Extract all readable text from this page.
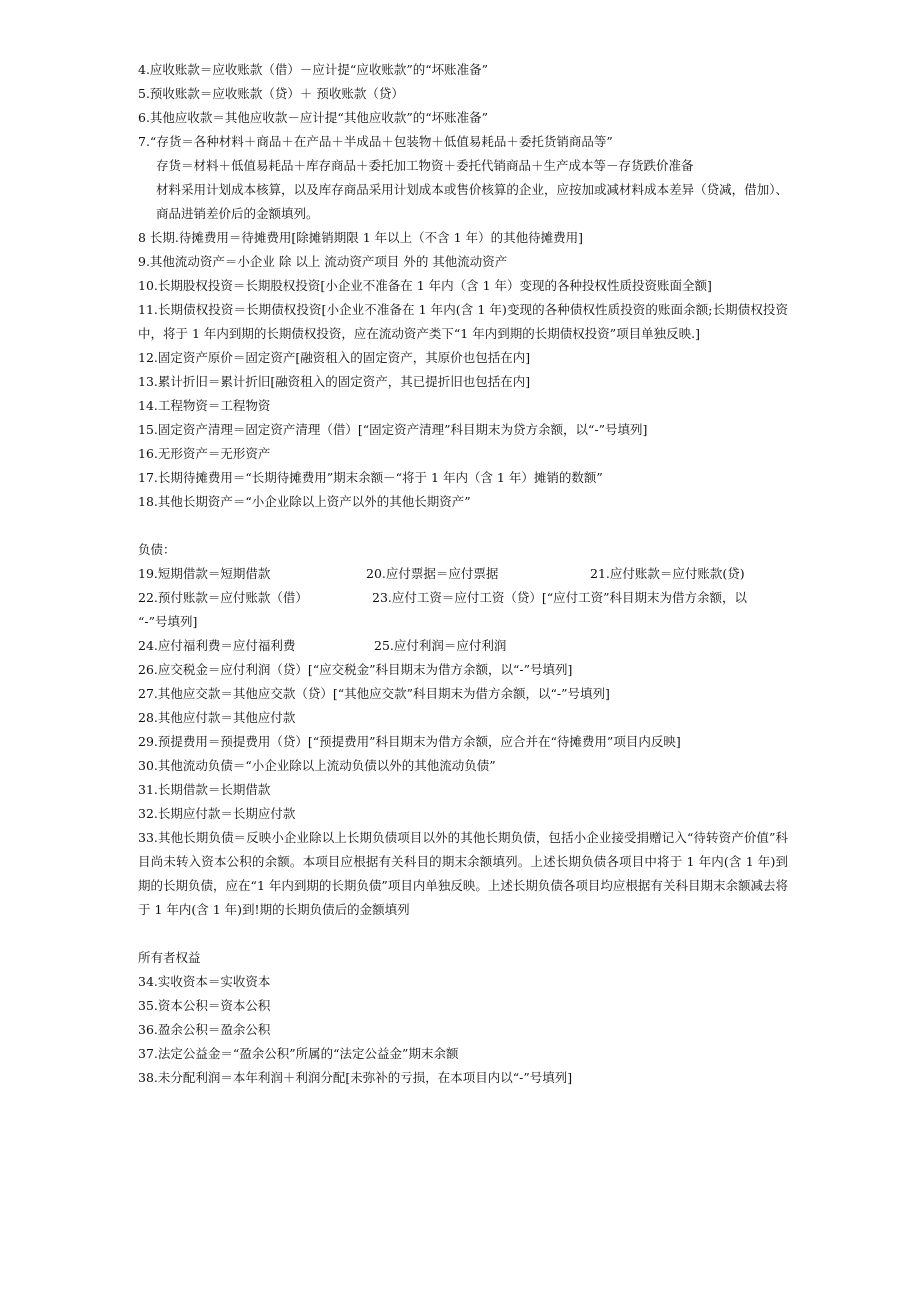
4.应收账款＝应收账款（借）－应计提“应收账款”的“坏账准备”
5.预收账款＝应收账款（贷）＋ 预收账款（贷）
6.其他应收款＝其他应收款－应计提“其他应收款”的“坏账准备”
7.“存货＝各种材料＋商品＋在产品＋半成品＋包装物＋低值易耗品＋委托货销商品等”
存货＝材料＋低值易耗品＋库存商品＋委托加工物资＋委托代销商品＋生产成本等－存货跌价准备
材料采用计划成本核算，以及库存商品采用计划成本或售价核算的企业，应按加或减材料成本差异（贷减，借加）、商品进销差价后的金额填列。
8 长期.待摊费用＝待摊费用[除摊销期限 1 年以上（不含 1 年）的其他待摊费用]
9.其他流动资产＝小企业 除 以上 流动资产项目 外的 其他流动资产
10.长期股权投资＝长期股权投资[小企业不准备在 1 年内（含 1 年）变现的各种投权性质投资账面全额]
11.长期债权投资＝长期债权投资[小企业不准备在 1 年内(含 1 年)变现的各种债权性质投资的账面余额;长期债权投资中，将于 1 年内到期的长期债权投资，应在流动资产类下“1 年内到期的长期债权投资”项目单独反映.]
12.固定资产原价＝固定资产[融资租入的固定资产，其原价也包括在内]
13.累计折旧＝累计折旧[融资租入的固定资产，其已提折旧也包括在内]
14.工程物资＝工程物资
15.固定资产清理＝固定资产清理（借）[“固定资产清理”科目期末为贷方余额，以“-”号填列]
16.无形资产＝无形资产
17.长期待摊费用＝“长期待摊费用”期末余额－“将于 1 年内（含 1 年）摊销的数额”
18.其他长期资产＝“小企业除以上资产以外的其他长期资产”
负债：
19.短期借款＝短期借款	20.应付票据＝应付票据	21.应付账款＝应付账款(贷)
22.预付账款＝应付账款（借）	23.应付工资＝应付工资（贷）[“应付工资”科目期末为借方余额，以
“-”号填列]
24.应付福利费＝应付福利费	25.应付利润＝应付利润
26.应交税金＝应付利润（贷）[“应交税金”科目期末为借方余额，以“-”号填列]
27.其他应交款＝其他应交款（贷）[“其他应交款”科目期末为借方余额，以“-”号填列]
28.其他应付款＝其他应付款
29.预提费用＝预提费用（贷）[“预提费用”科目期末为借方余额，应合并在“待摊费用”项目内反映]
30.其他流动负债＝“小企业除以上流动负债以外的其他流动负债”
31.长期借款＝长期借款
32.长期应付款＝长期应付款
33.其他长期负债＝反映小企业除以上长期负债项目以外的其他长期负债，包括小企业接受捐赠记入“待转资产价值”科目尚未转入资本公积的余额。本项目应根据有关科目的期末余额填列。上述长期负债各项目中将于 1 年内(含 1 年)到期的长期负债，应在“1 年内到期的长期负债”项目内单独反映。上述长期负债各项目均应根据有关科目期末余额减去将于 1 年内(含 1 年)到!期的长期负债后的金额填列
所有者权益
34.实收资本＝实收资本
35.资本公积＝资本公积
36.盈余公积＝盈余公积
37.法定公益金＝“盈余公积”所属的“法定公益金”期末余额
38.未分配利润＝本年利润＋利润分配[未弥补的亏损，在本项目内以“-”号填列]
